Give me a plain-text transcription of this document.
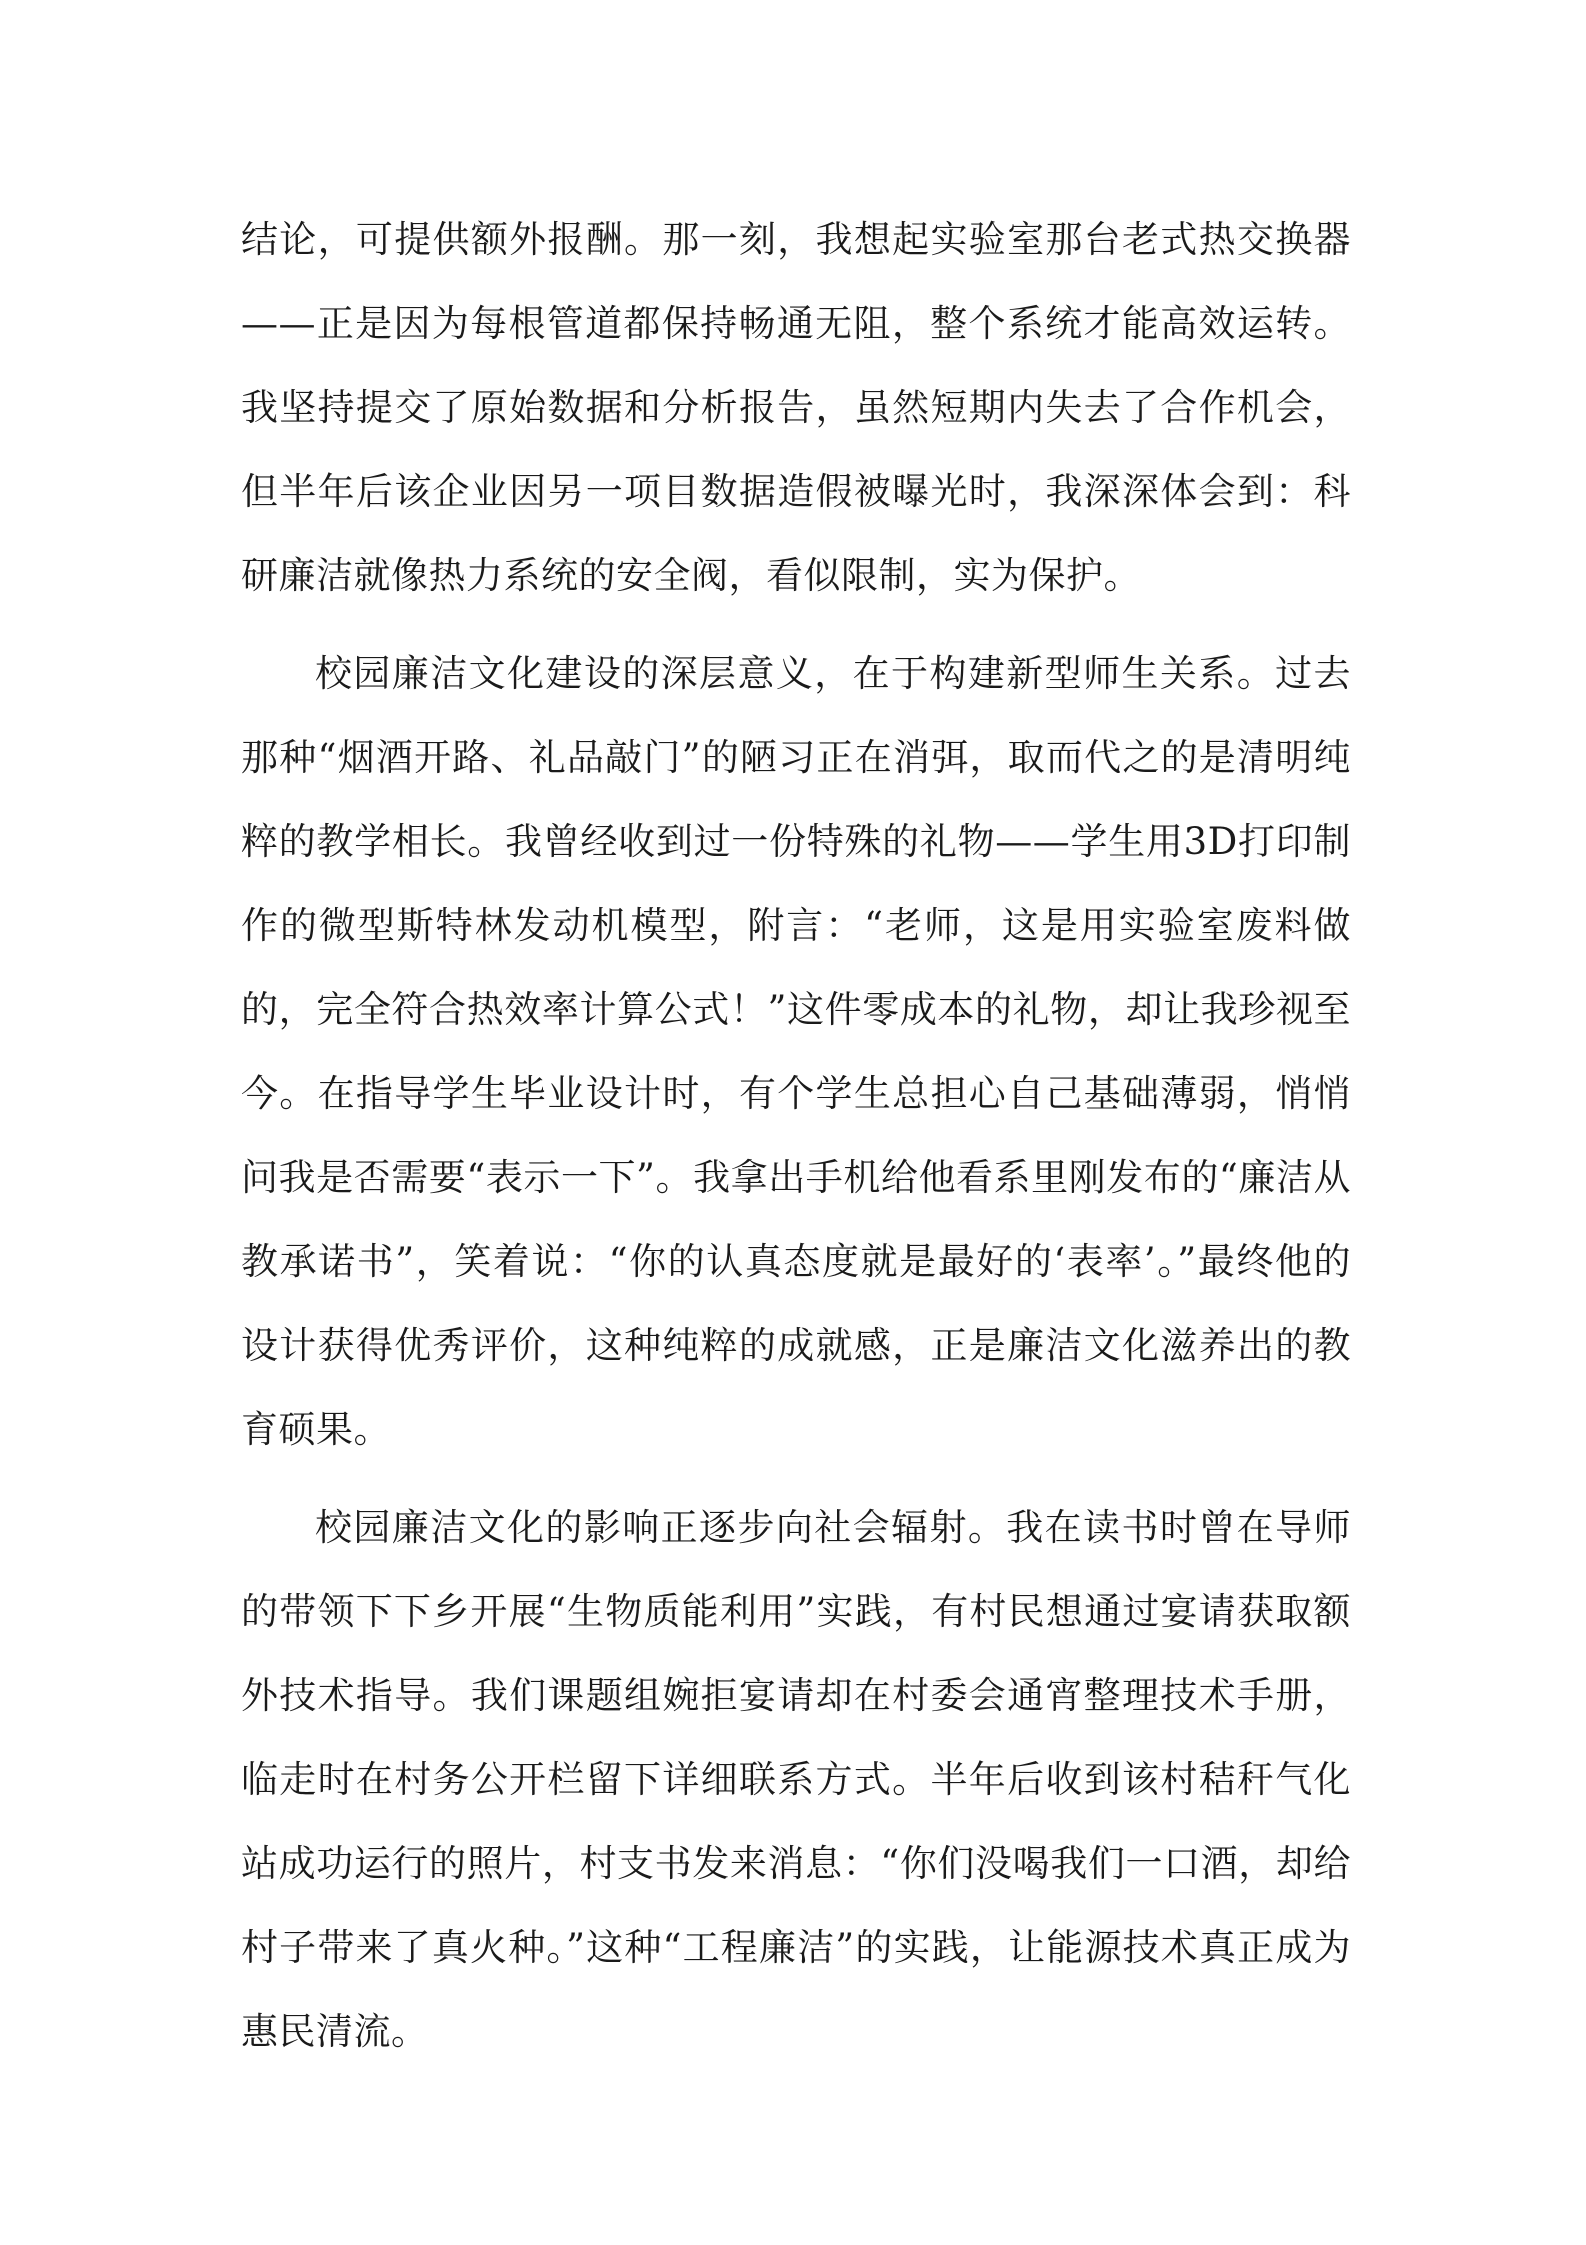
结论，可提供额外报酬。那一刻，我想起实验室那台老式热交换器——正是因为每根管道都保持畅通无阻，整个系统才能高效运转。我坚持提交了原始数据和分析报告，虽然短期内失去了合作机会，但半年后该企业因另一项目数据造假被曝光时，我深深体会到：科研廉洁就像热力系统的安全阀，看似限制，实为保护。

校园廉洁文化建设的深层意义，在于构建新型师生关系。过去那种“烟酒开路、礼品敲门”的陋习正在消弭，取而代之的是清明纯粹的教学相长。我曾经收到过一份特殊的礼物——学生用3D打印制作的微型斯特林发动机模型，附言：“老师，这是用实验室废料做的，完全符合热效率计算公式！”这件零成本的礼物，却让我珍视至今。在指导学生毕业设计时，有个学生总担心自己基础薄弱，悄悄问我是否需要“表示一下”。我拿出手机给他看系里刚发布的“廉洁从教承诺书”，笑着说：“你的认真态度就是最好的‘表率’。”最终他的设计获得优秀评价，这种纯粹的成就感，正是廉洁文化滋养出的教育硕果。

校园廉洁文化的影响正逐步向社会辐射。我在读书时曾在导师的带领下下乡开展“生物质能利用”实践，有村民想通过宴请获取额外技术指导。我们课题组婉拒宴请却在村委会通宵整理技术手册，临走时在村务公开栏留下详细联系方式。半年后收到该村秸秆气化站成功运行的照片，村支书发来消息：“你们没喝我们一口酒，却给村子带来了真火种。”这种“工程廉洁”的实践，让能源技术真正成为惠民清流。
